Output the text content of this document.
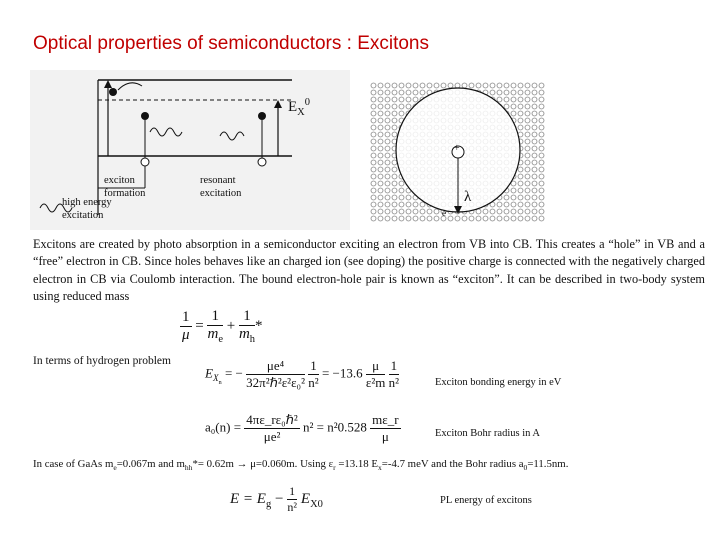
Optical properties of semiconductors : Excitons
$E_X^0$
exciton
formation
resonant
excitation
high energy
excitation
λ
+
e⁻
Excitons are created by photo absorption in a semiconductor exciting an electron from VB into CB. This creates a “hole” in VB and a “free” electron in CB. Since holes behaves like an charged ion (see doping) the positive charge is connected with the negatively charged electron in CB via Coulomb interaction. The bound electron-hole pair is known as “exciton”. It can be described in two-body system using reduced mass
$\frac{1}{\mu} = \frac{1}{m_e} + \frac{1}{m_h}$ *
In terms of hydrogen problem
$E_{X_n}$ = − $\frac{\text{μe⁴}}{\text{32π²ℏ²ε²ε₀²}}$
$\frac{1}{\text{n²}} = -13.6 \frac{\mu}{\text{ε²m}}$
$\frac{1}{\text{n²}}$	Exciton bonding energy in eV
$a_0(n) = \frac{\text{4πε\_rε₀ℏ²}}{\text{μe²}} n^2 = n^20.528 \frac{m\varepsilon\_r}{\mu}$	Exciton Bohr radius in A
In case of GaAs $m_e=0.067m$ and $m_{hh}*= 0.62m \to \mu=0.060m$. Using $\varepsilon_r =13.18$ $E_x=-4.7$ meV and the Bohr radius $a_0=11.5nm$.
$E = E_g - \frac{1}{\text{n²}} E_{X0}$	PL energy of excitons
